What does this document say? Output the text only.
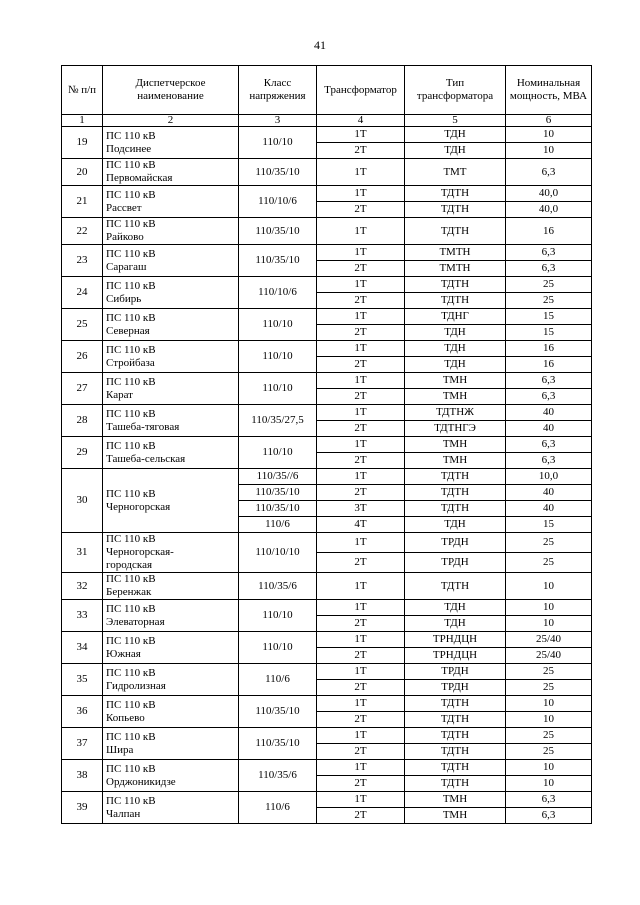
41
№ п/п	Диспетчерское наименование	Класс напряжения	Трансформатор	Тип трансформатора	Номинальная мощность, МВА
1	2	3	4	5	6
19	ПС 110 кВ
Подсинее	110/10	1Т	ТДН	10
			2Т	ТДН	10
20	ПС 110 кВ
Первомайская	110/35/10	1Т	ТМТ	6,3
21	ПС 110 кВ
Рассвет	110/10/6	1Т	ТДТН	40,0
			2Т	ТДТН	40,0
22	ПС 110 кВ
Райково	110/35/10	1Т	ТДТН	16
23	ПС 110 кВ
Сарагаш	110/35/10	1Т	ТМТН	6,3
			2Т	ТМТН	6,3
24	ПС 110 кВ
Сибирь	110/10/6	1Т	ТДТН	25
			2Т	ТДТН	25
25	ПС 110 кВ
Северная	110/10	1Т	ТДНГ	15
			2Т	ТДН	15
26	ПС 110 кВ
Стройбаза	110/10	1Т	ТДН	16
			2Т	ТДН	16
27	ПС 110 кВ
Карат	110/10	1Т	ТМН	6,3
			2Т	ТМН	6,3
28	ПС 110 кВ
Ташеба-тяговая	110/35/27,5	1Т	ТДТНЖ	40
			2Т	ТДТНГЭ	40
29	ПС 110 кВ
Ташеба-сельская	110/10	1Т	ТМН	6,3
			2Т	ТМН	6,3
30	ПС 110 кВ
Черногорская	110/35//6	1Т	ТДТН	10,0
		110/35/10	2Т	ТДТН	40
		110/35/10	3Т	ТДТН	40
		110/6	4Т	ТДН	15
31	ПС 110 кВ
Черногорская-
городская	110/10/10	1Т	ТРДН	25
			2Т	ТРДН	25
32	ПС 110 кВ
Беренжак	110/35/6	1Т	ТДТН	10
33	ПС 110 кВ
Элеваторная	110/10	1Т	ТДН	10
			2Т	ТДН	10
34	ПС 110 кВ
Южная	110/10	1Т	ТРНДЦН	25/40
			2Т	ТРНДЦН	25/40
35	ПС 110 кВ
Гидролизная	110/6	1Т	ТРДН	25
			2Т	ТРДН	25
36	ПС 110 кВ
Копьево	110/35/10	1Т	ТДТН	10
			2Т	ТДТН	10
37	ПС 110 кВ
Шира	110/35/10	1Т	ТДТН	25
			2Т	ТДТН	25
38	ПС 110 кВ
Орджоникидзе	110/35/6	1Т	ТДТН	10
			2Т	ТДТН	10
39	ПС 110 кВ
Чалпан	110/6	1Т	ТМН	6,3
			2Т	ТМН	6,3
